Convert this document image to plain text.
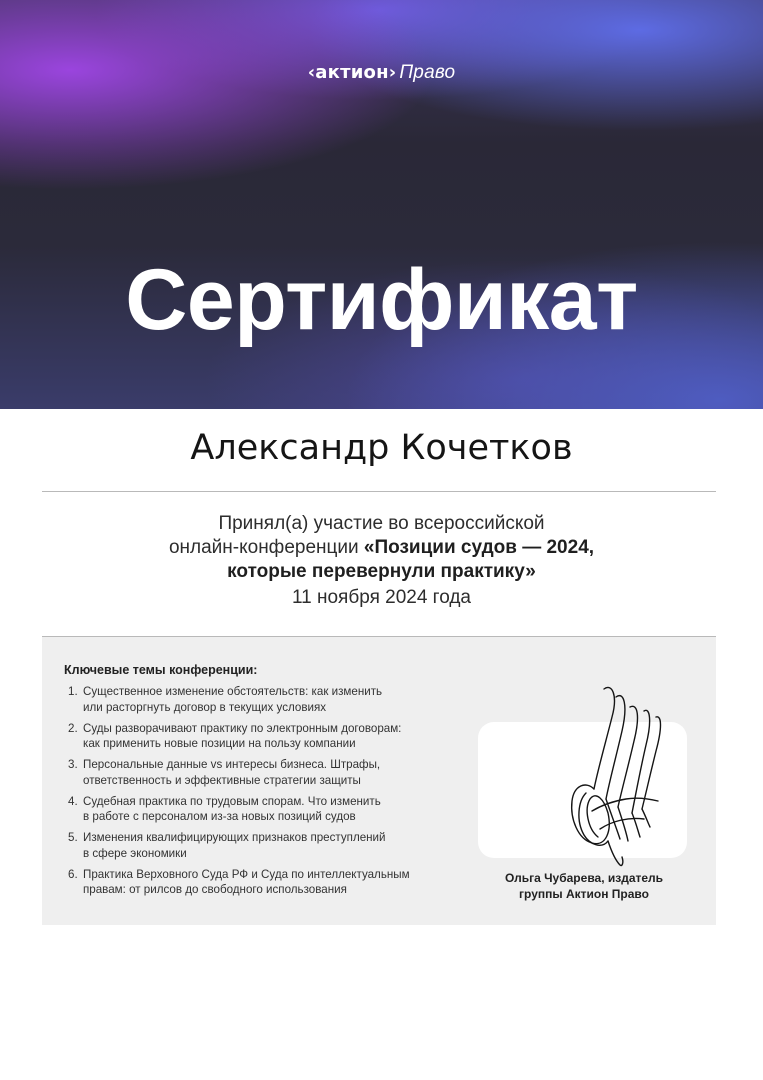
‹aктион› Право
Сертификат
Александр Кочетков
Принял(а) участие во всероссийской
онлайн-конференции «Позиции судов — 2024,
которые перевернули практику»
11 ноября 2024 года
Ключевые темы конференции:
1. Существенное изменение обстоятельств: как изменить
или расторгнуть договор в текущих условиях
2. Суды разворачивают практику по электронным договорам:
как применить новые позиции на пользу компании
3. Персональные данные vs интересы бизнеса. Штрафы,
ответственность и эффективные стратегии защиты
4. Судебная практика по трудовым спорам. Что изменить
в работе с персоналом из-за новых позиций судов
5. Изменения квалифицирующих признаков преступлений
в сфере экономики
6. Практика Верховного Суда РФ и Суда по интеллектуальным
правам: от рилсов до свободного использования
Ольга Чубарева, издатель
группы Актион Право
